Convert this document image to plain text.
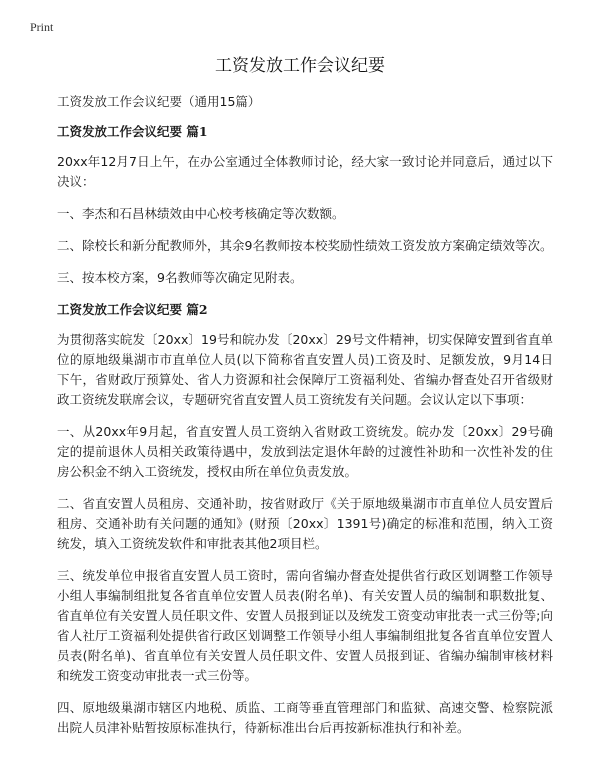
Print
工资发放工作会议纪要

工资发放工作会议纪要（通用15篇）

工资发放工作会议纪要 篇1

20xx年12月7日上午，在办公室通过全体教师讨论，经大家一致讨论并同意后，通过以下决议：

一、李杰和石昌林绩效由中心校考核确定等次数额。

二、除校长和新分配教师外，其余9名教师按本校奖励性绩效工资发放方案确定绩效等次。

三、按本校方案，9名教师等次确定见附表。

工资发放工作会议纪要 篇2

为贯彻落实皖发〔20xx〕19号和皖办发〔20xx〕29号文件精神，切实保障安置到省直单位的原地级巢湖市市直单位人员(以下简称省直安置人员)工资及时、足额发放，9月14日下午，省财政厅预算处、省人力资源和社会保障厅工资福利处、省编办督查处召开省级财政工资统发联席会议，专题研究省直安置人员工资统发有关问题。会议认定以下事项：

一、从20xx年9月起，省直安置人员工资纳入省财政工资统发。皖办发〔20xx〕29号确定的提前退休人员相关政策待遇中，发放到法定退休年龄的过渡性补助和一次性补发的住房公积金不纳入工资统发，授权由所在单位负责发放。

二、省直安置人员租房、交通补助，按省财政厅《关于原地级巢湖市市直单位人员安置后租房、交通补助有关问题的通知》(财预〔20xx〕1391号)确定的标准和范围，纳入工资统发，填入工资统发软件和审批表其他2项目栏。

三、统发单位申报省直安置人员工资时，需向省编办督查处提供省行政区划调整工作领导小组人事编制组批复各省直单位安置人员表(附名单)、有关安置人员的编制和职数批复、省直单位有关安置人员任职文件、安置人员报到证以及统发工资变动审批表一式三份等;向省人社厅工资福利处提供省行政区划调整工作领导小组人事编制组批复各省直单位安置人员表(附名单)、省直单位有关安置人员任职文件、安置人员报到证、省编办编制审核材料和统发工资变动审批表一式三份等。

四、原地级巢湖市辖区内地税、质监、工商等垂直管理部门和监狱、高速交警、检察院派出院人员津补贴暂按原标准执行，待新标准出台后再按新标准执行和补差。
